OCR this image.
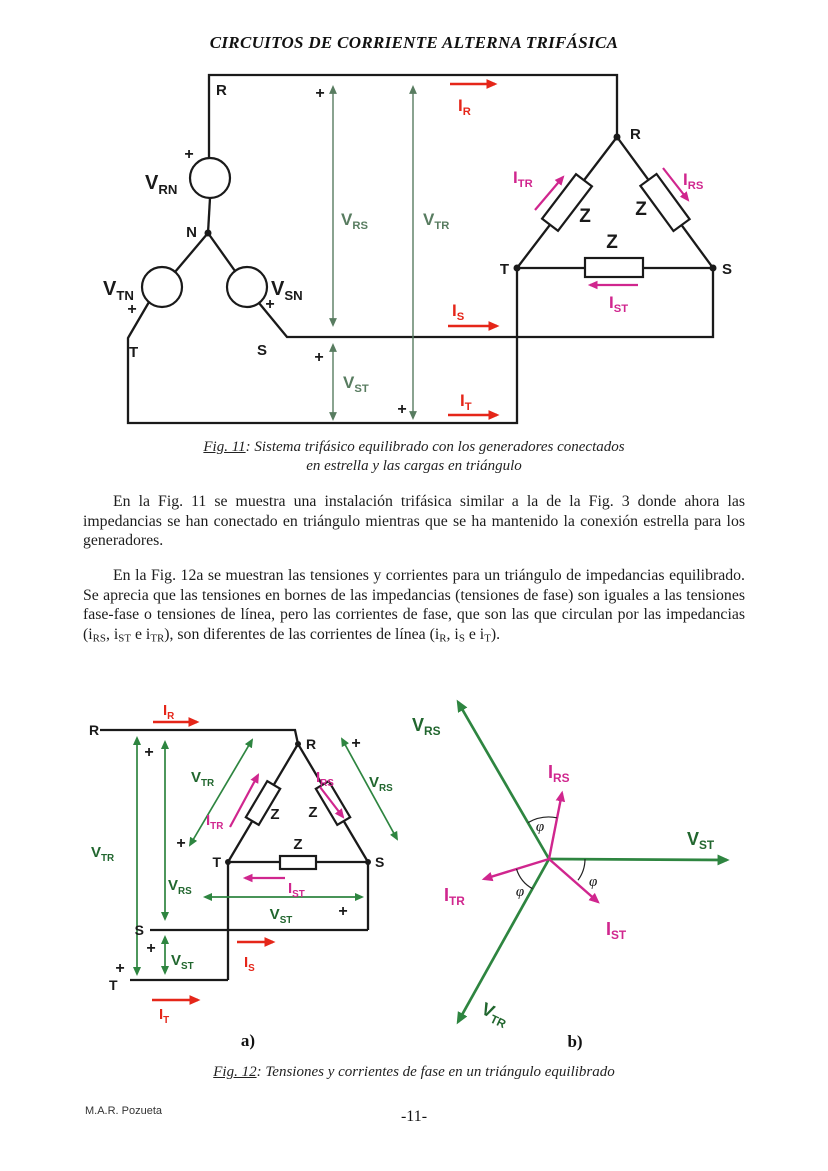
CIRCUITOS DE CORRIENTE ALTERNA TRIFÁSICA
$V_{RN}$
$V_{TN}$	$V_{SN}$
R
N
T	S
R
T	S
Z Z
Z
$V_{RS}$	$V_{TR}$
$V_{ST}$
$I_R$
$I_S$
$I_T$
$I_{TR}$	$I_{RS}$
$I_{ST}$
+
+	+
+
+
+
Fig. 11: Sistema trifásico equilibrado con los generadores conectados en estrella y las cargas en triángulo

En la Fig. 11 se muestra una instalación trifásica similar a la de la Fig. 3 donde ahora las impedancias se han conectado en triángulo mientras que se ha mantenido la conexión estrella para los generadores.

En la Fig. 12a se muestran las tensiones y corrientes para un triángulo de impedancias equilibrado. Se aprecia que las tensiones en bornes de las impedancias (tensiones de fase) son iguales a las tensiones fase-fase o tensiones de línea, pero las corrientes de fase, que son las que circulan por las impedancias (iRS, iST e iTR), son diferentes de las corrientes de línea (iR, iS e iT).

R
R
T	S
S
T
Z Z
Z
$V_{TR}$
$V_{RS}$
$V_{ST}$
$V_{ST}$
$V_{TR}$	$V_{RS}$
$I_R$
$I_S$
$I_T$
$I_{TR}$
$I_{RS}$
$I_{ST}$
+
+
+
+
+
+
a)
$V_{RS}$
$V_{ST}$
$V_{TR}$
$I_{RS}$
$I_{TR}$
$I_{ST}$
φ
φ
φ
b)
Fig. 12: Tensiones y corrientes de fase en un triángulo equilibrado
M.A.R. Pozueta	-11-
